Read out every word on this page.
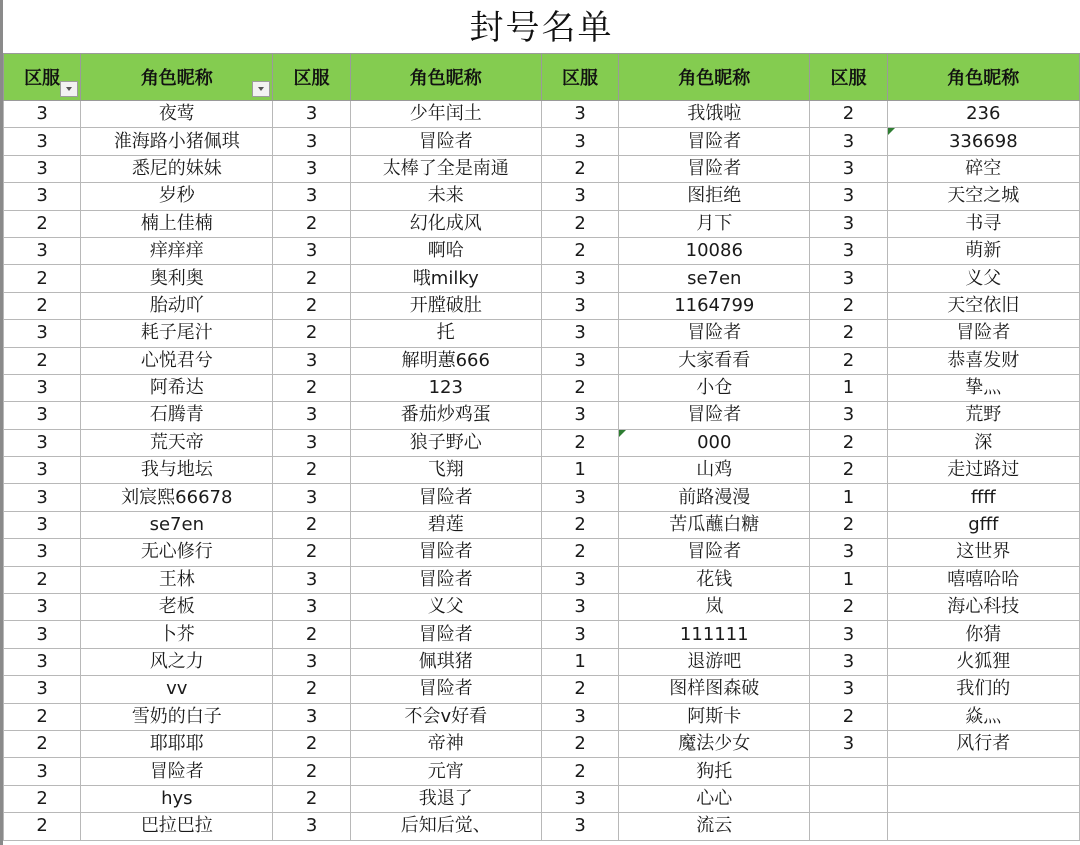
封号名单
区服	角色昵称	区服	角色昵称	区服	角色昵称	区服	角色昵称
3	夜莺	3	少年闰土	3	我饿啦	2	236
3	淮海路小猪佩琪	3	冒险者	3	冒险者	3	336698

3	悉尼的妹妹	3	太棒了全是南通	2	冒险者	3	碎空
3	岁秒	3	未来	3	图拒绝	3	天空之城
2	楠上佳楠	2	幻化成风	2	月下	3	书寻
3	痒痒痒	3	啊哈	2	10086	3	萌新
2	奥利奥	2	哦milky	3	se7en	3	义父
2	胎动吖	2	开膛破肚	3	1164799	2	天空依旧
3	耗子尾汁	2	托	3	冒险者	2	冒险者
2	心悦君兮	3	解明蕙666	3	大家看看	2	恭喜发财
3	阿希达	2	123	2	小仓	1	挚灬
3	石腾青	3	番茄炒鸡蛋	3	冒险者	3	荒野
3	荒天帝	3	狼子野心	2	000	2	深
3	我与地坛	2	飞翔	1	山鸡	2	走过路过
3	刘宸熙66678	3	冒险者	3	前路漫漫	1	ffff
3	se7en	2	碧莲	2	苦瓜蘸白糖	2	gfff
3	无心修行	2	冒险者	2	冒险者	3	这世界
2	王林	3	冒险者	3	花钱	1	嘻嘻哈哈
3	老板	3	义父	3	岚	2	海心科技
3	卜芥	2	冒险者	3	111111	3	你猜
3	风之力	3	佩琪猪	1	退游吧	3	火狐狸
3	vv	2	冒险者	2	图样图森破	3	我们的
2	雪奶的白子	3	不会v好看	3	阿斯卡	2	焱灬
2	耶耶耶	2	帝神	2	魔法少女	3	风行者
3	冒险者	2	元宵	2	狗托		
2	hys	2	我退了	3	心心		
2	巴拉巴拉	3	后知后觉、	3	流云		
